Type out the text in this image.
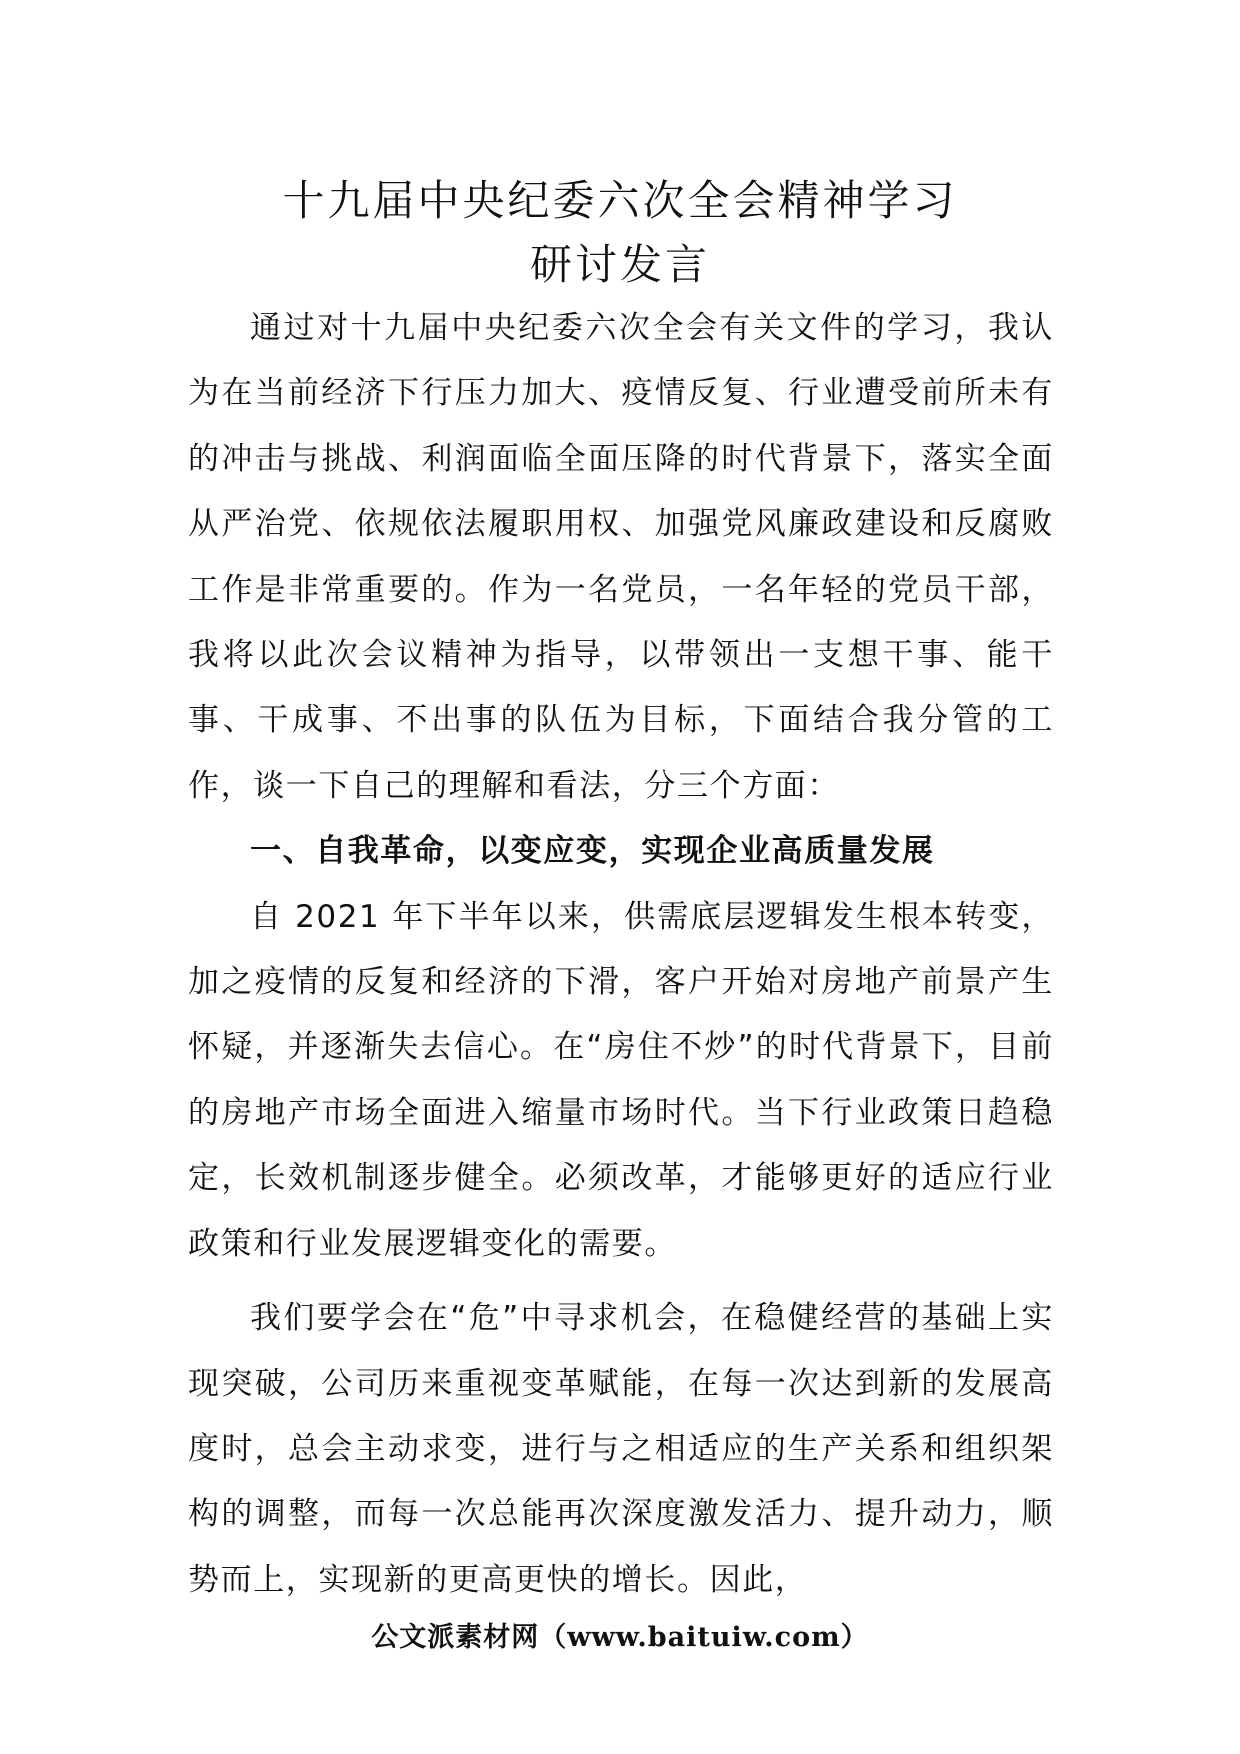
十九届中央纪委六次全会精神学习
研讨发言

通过对十九届中央纪委六次全会有关文件的学习，我认为在当前经济下行压力加大、疫情反复、行业遭受前所未有的冲击与挑战、利润面临全面压降的时代背景下，落实全面从严治党、依规依法履职用权、加强党风廉政建设和反腐败工作是非常重要的。作为一名党员，一名年轻的党员干部，我将以此次会议精神为指导，以带领出一支想干事、能干事、干成事、不出事的队伍为目标，下面结合我分管的工作，谈一下自己的理解和看法，分三个方面：

一、自我革命，以变应变，实现企业高质量发展

自 2021 年下半年以来，供需底层逻辑发生根本转变，加之疫情的反复和经济的下滑，客户开始对房地产前景产生怀疑，并逐渐失去信心。在“房住不炒”的时代背景下，目前的房地产市场全面进入缩量市场时代。当下行业政策日趋稳定，长效机制逐步健全。必须改革，才能够更好的适应行业政策和行业发展逻辑变化的需要。

我们要学会在“危”中寻求机会，在稳健经营的基础上实现突破，公司历来重视变革赋能，在每一次达到新的发展高度时，总会主动求变，进行与之相适应的生产关系和组织架构的调整，而每一次总能再次深度激发活力、提升动力，顺势而上，实现新的更高更快的增长。因此，

公文派素材网（www.baituiw.com）
